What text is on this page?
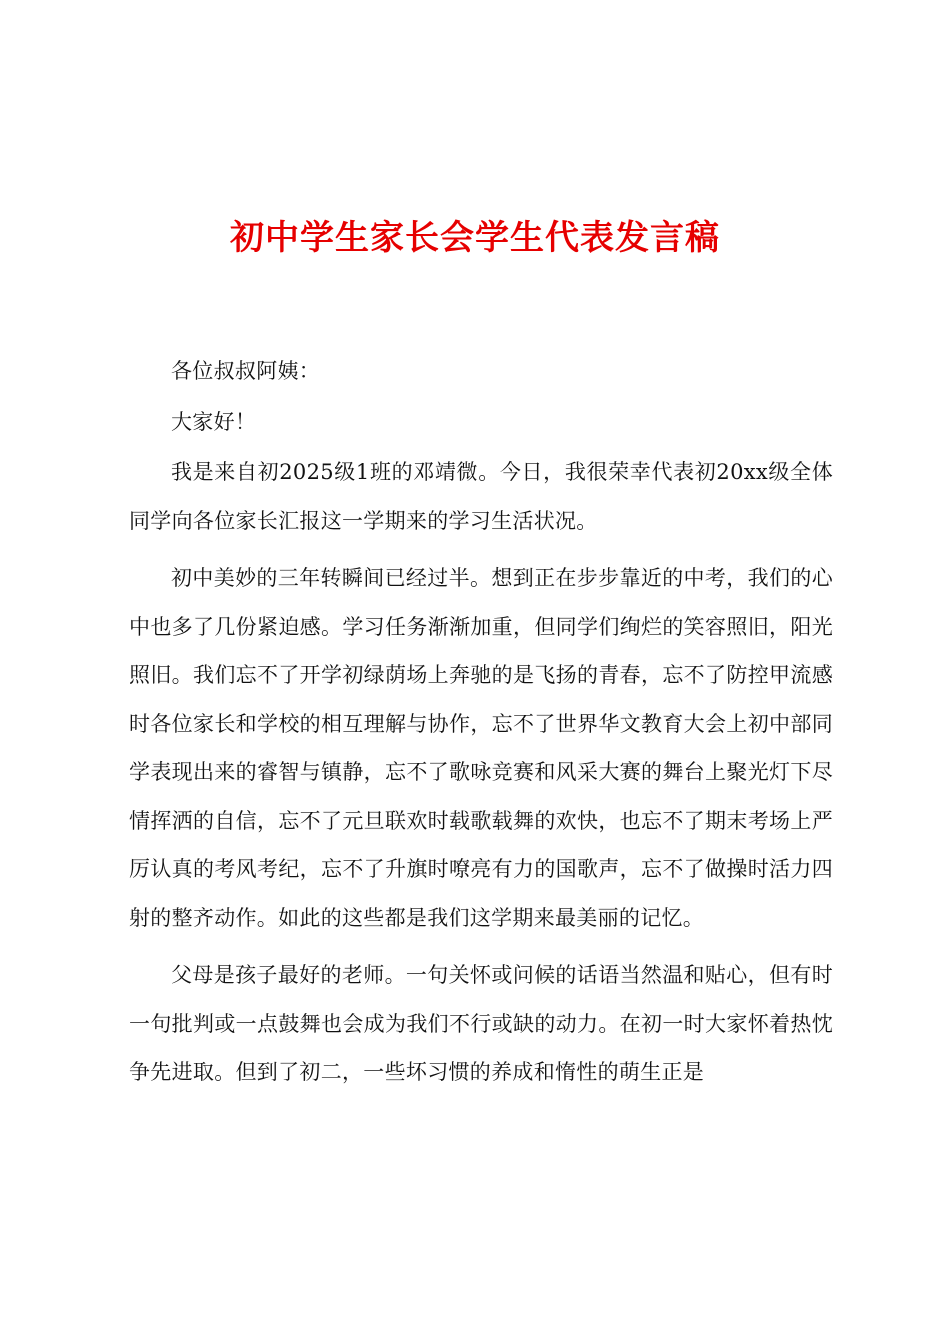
初中学生家长会学生代表发言稿

各位叔叔阿姨：

大家好！

我是来自初2025级1班的邓靖微。今日，我很荣幸代表初20xx级全体同学向各位家长汇报这一学期来的学习生活状况。

初中美妙的三年转瞬间已经过半。想到正在步步靠近的中考，我们的心中也多了几份紧迫感。学习任务渐渐加重，但同学们绚烂的笑容照旧，阳光照旧。我们忘不了开学初绿荫场上奔驰的是飞扬的青春，忘不了防控甲流感时各位家长和学校的相互理解与协作，忘不了世界华文教育大会上初中部同学表现出来的睿智与镇静，忘不了歌咏竞赛和风采大赛的舞台上聚光灯下尽情挥洒的自信，忘不了元旦联欢时载歌载舞的欢快，也忘不了期末考场上严厉认真的考风考纪，忘不了升旗时嘹亮有力的国歌声，忘不了做操时活力四射的整齐动作。如此的这些都是我们这学期来最美丽的记忆。

父母是孩子最好的老师。一句关怀或问候的话语当然温和贴心，但有时一句批判或一点鼓舞也会成为我们不行或缺的动力。在初一时大家怀着热忱争先进取。但到了初二，一些坏习惯的养成和惰性的萌生正是
